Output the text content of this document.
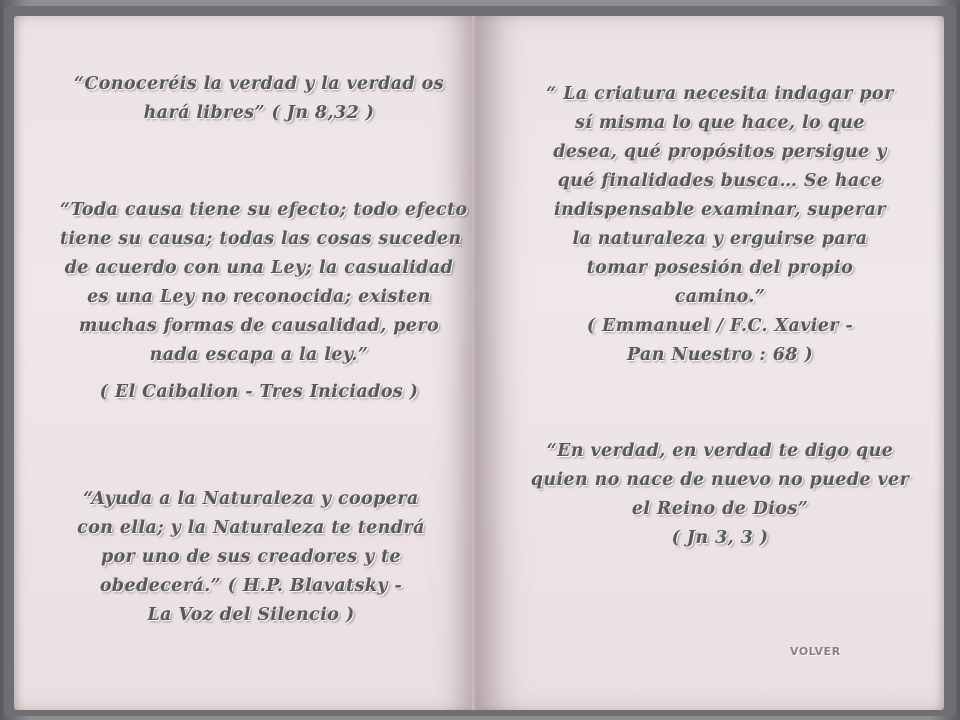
“Conoceréis la verdad y la verdad os
hará libres” ( Jn 8,32 )
“Toda causa tiene su efecto; todo efecto
tiene su causa; todas las cosas suceden
de acuerdo con una Ley; la casualidad
es una Ley no reconocida; existen
muchas formas de causalidad, pero
nada escapa a la ley.”
( El Caibalion - Tres Iniciados )
“Ayuda a la Naturaleza y coopera
con ella; y la Naturaleza te tendrá
por uno de sus creadores y te
obedecerá.” ( H.P. Blavatsky -
La Voz del Silencio )
“ La criatura necesita indagar por
sí misma lo que hace, lo que
desea, qué propósitos persigue y
qué finalidades busca… Se hace
indispensable examinar, superar
la naturaleza y erguirse para
tomar posesión del propio
camino.”
( Emmanuel / F.C. Xavier -
Pan Nuestro : 68 )
“En verdad, en verdad te digo que
quien no nace de nuevo no puede ver
el Reino de Dios”
( Jn 3, 3 )
VOLVER
